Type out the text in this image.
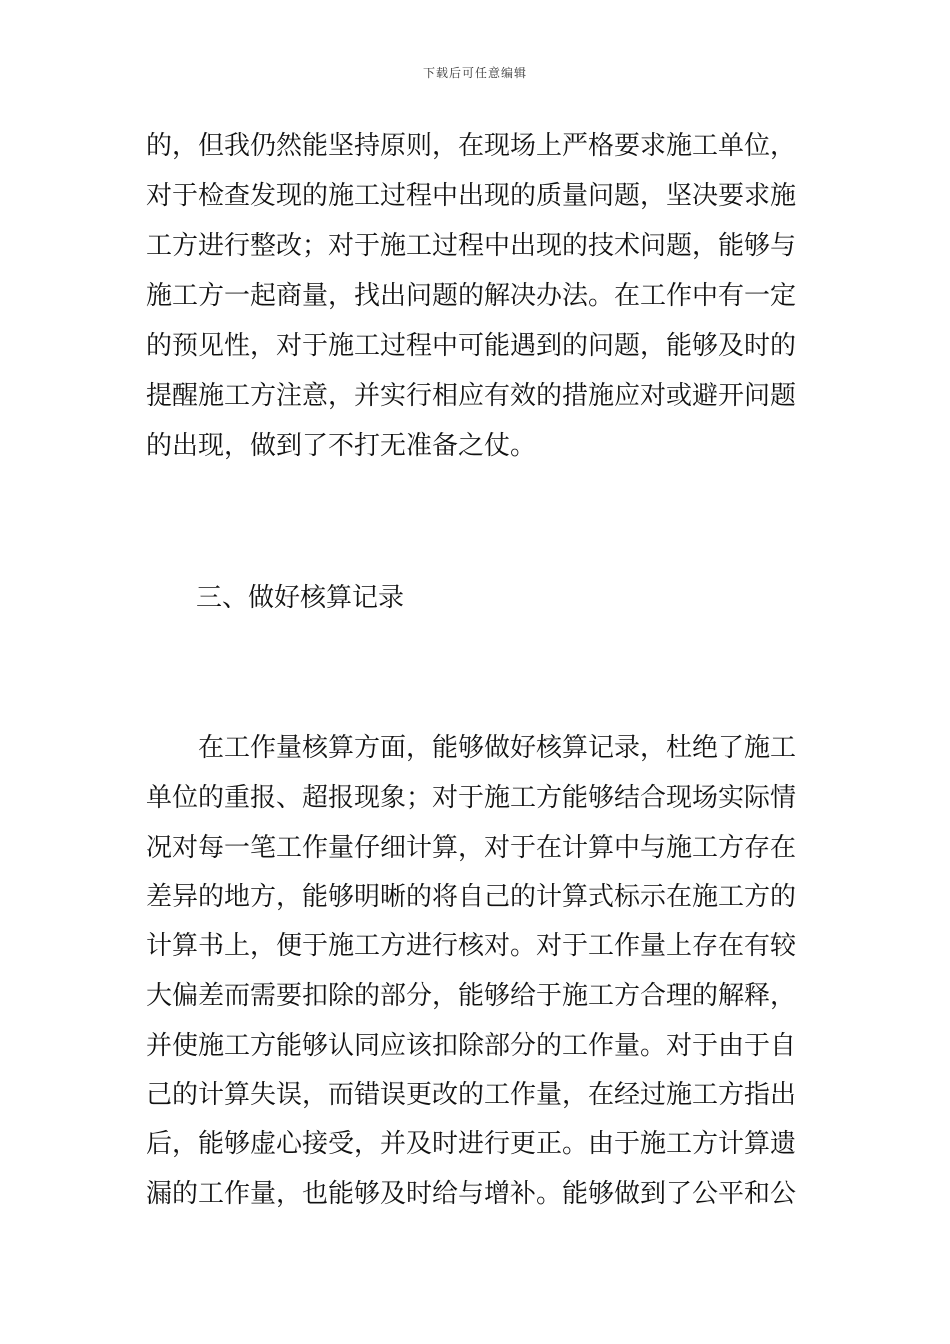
下载后可任意编辑
的，但我仍然能坚持原则，在现场上严格要求施工单位，
对于检查发现的施工过程中出现的质量问题，坚决要求施
工方进行整改；对于施工过程中出现的技术问题，能够与
施工方一起商量，找出问题的解决办法。在工作中有一定
的预见性，对于施工过程中可能遇到的问题，能够及时的
提醒施工方注意，并实行相应有效的措施应对或避开问题
的出现，做到了不打无准备之仗。
三、做好核算记录
在工作量核算方面，能够做好核算记录，杜绝了施工
单位的重报、超报现象；对于施工方能够结合现场实际情
况对每一笔工作量仔细计算，对于在计算中与施工方存在
差异的地方，能够明晰的将自己的计算式标示在施工方的
计算书上，便于施工方进行核对。对于工作量上存在有较
大偏差而需要扣除的部分，能够给于施工方合理的解释，
并使施工方能够认同应该扣除部分的工作量。对于由于自
己的计算失误，而错误更改的工作量，在经过施工方指出
后，能够虚心接受，并及时进行更正。由于施工方计算遗
漏的工作量，也能够及时给与增补。能够做到了公平和公
